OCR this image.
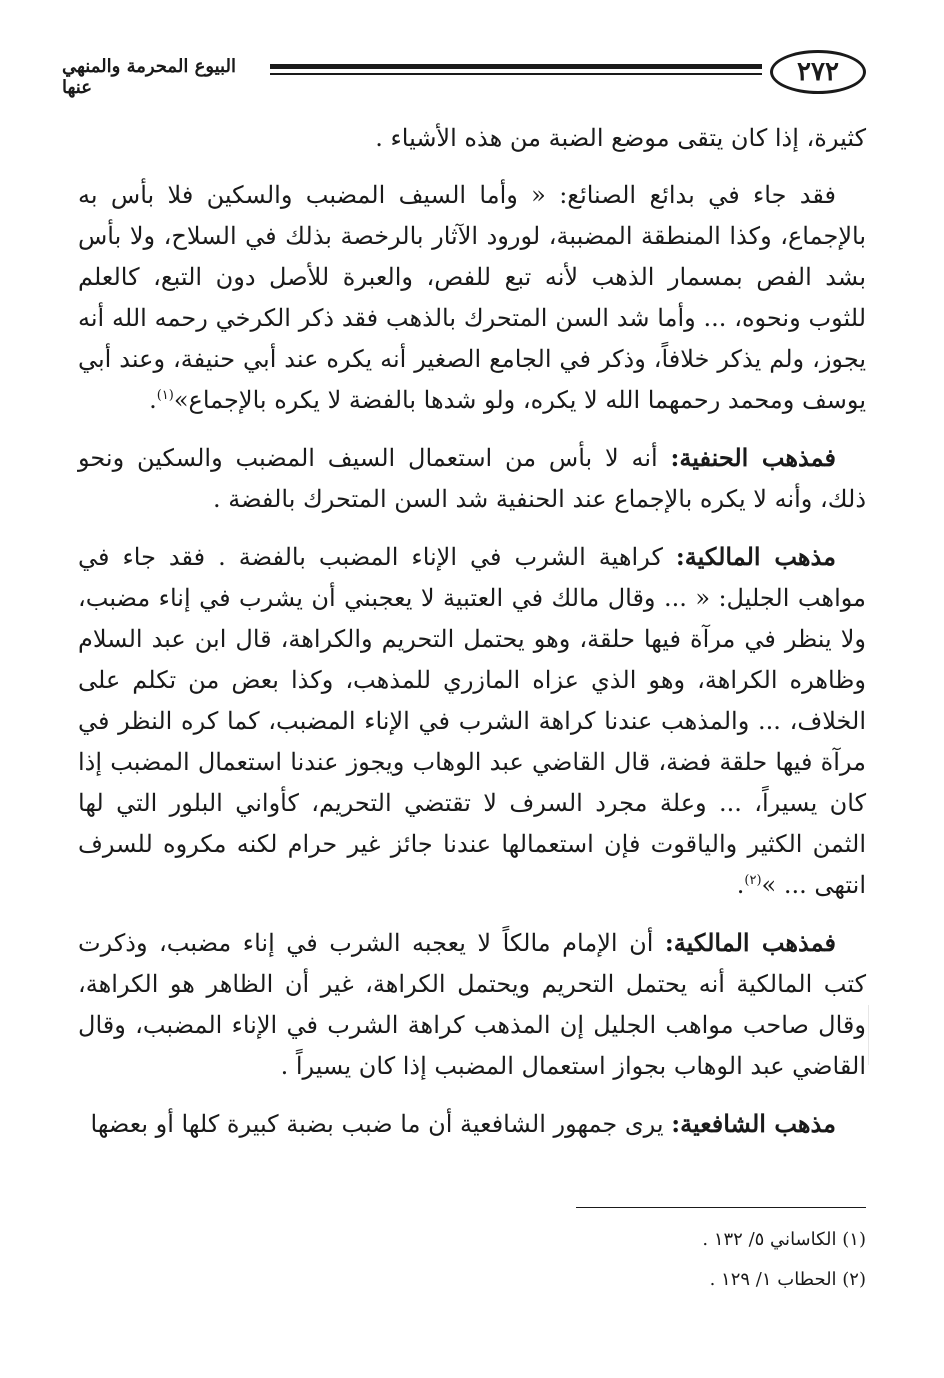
٢٧٢
البيوع المحرمة والمنهي عنها

كثيرة، إذا كان يتقى موضع الضبة من هذه الأشياء .

فقد جاء في بدائع الصنائع: « وأما السيف المضبب والسكين فلا بأس به بالإجماع، وكذا المنطقة المضببة، لورود الآثار بالرخصة بذلك في السلاح، ولا بأس بشد الفص بمسمار الذهب لأنه تبع للفص، والعبرة للأصل دون التبع، كالعلم للثوب ونحوه، ... وأما شد السن المتحرك بالذهب فقد ذكر الكرخي رحمه الله أنه يجوز، ولم يذكر خلافاً، وذكر في الجامع الصغير أنه يكره عند أبي حنيفة، وعند أبي يوسف ومحمد رحمهما الله لا يكره، ولو شدها بالفضة لا يكره بالإجماع»$^{(١)}$.

فمذهب الحنفية: أنه لا بأس من استعمال السيف المضبب والسكين ونحو ذلك، وأنه لا يكره بالإجماع عند الحنفية شد السن المتحرك بالفضة .

مذهب المالكية: كراهية الشرب في الإناء المضبب بالفضة . فقد جاء في مواهب الجليل: « ... وقال مالك في العتبية لا يعجبني أن يشرب في إناء مضبب، ولا ينظر في مرآة فيها حلقة، وهو يحتمل التحريم والكراهة، قال ابن عبد السلام وظاهره الكراهة، وهو الذي عزاه المازري للمذهب، وكذا بعض من تكلم على الخلاف، ... والمذهب عندنا كراهة الشرب في الإناء المضبب، كما كره النظر في مرآة فيها حلقة فضة، قال القاضي عبد الوهاب ويجوز عندنا استعمال المضبب إذا كان يسيراً، ... وعلة مجرد السرف لا تقتضي التحريم، كأواني البلور التي لها الثمن الكثير والياقوت فإن استعمالها عندنا جائز غير حرام لكنه مكروه للسرف انتهى ... »$^{(٢)}$.

فمذهب المالكية: أن الإمام مالكاً لا يعجبه الشرب في إناء مضبب، وذكرت كتب المالكية أنه يحتمل التحريم ويحتمل الكراهة، غير أن الظاهر هو الكراهة، وقال صاحب مواهب الجليل إن المذهب كراهة الشرب في الإناء المضبب، وقال القاضي عبد الوهاب بجواز استعمال المضبب إذا كان يسيراً .

مذهب الشافعية: يرى جمهور الشافعية أن ما ضبب بضبة كبيرة كلها أو بعضها

(١) الكاساني ٥/ ١٣٢ .
(٢) الحطاب ١/ ١٢٩ .
